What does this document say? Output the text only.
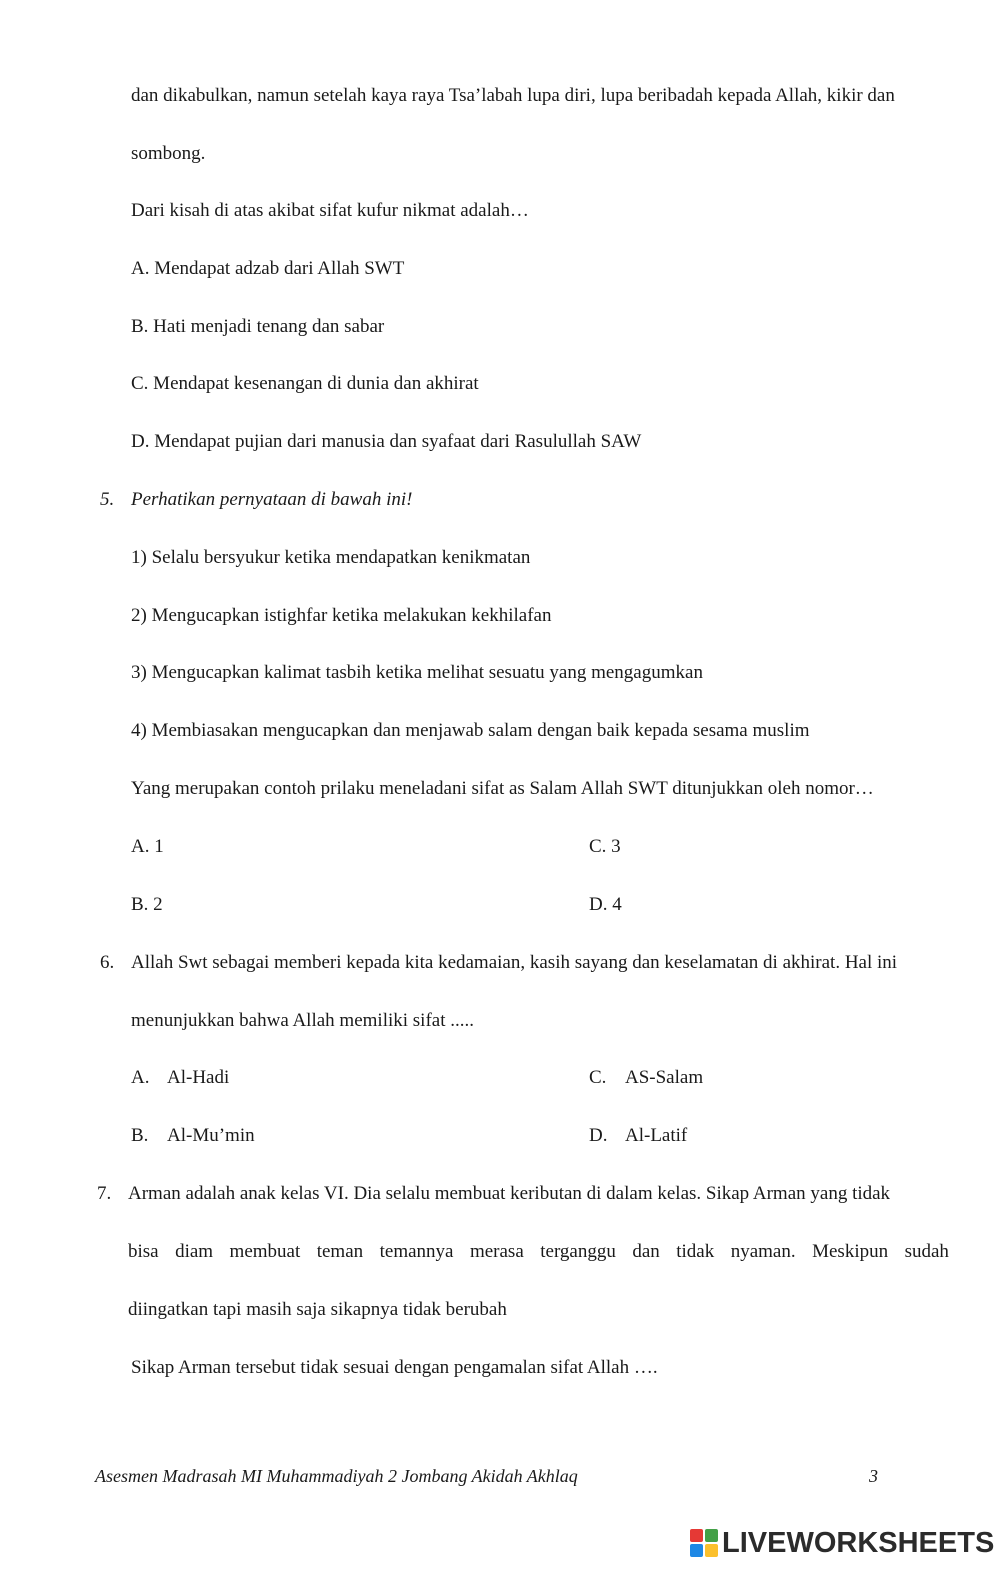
dan dikabulkan, namun setelah kaya raya Tsa’labah lupa diri, lupa beribadah kepada Allah, kikir dan
sombong.
Dari kisah di atas akibat sifat kufur nikmat adalah…
A. Mendapat adzab dari Allah SWT
B. Hati menjadi tenang dan sabar
C. Mendapat kesenangan di dunia dan akhirat
D. Mendapat pujian dari manusia dan syafaat dari Rasulullah SAW
5. Perhatikan pernyataan di bawah ini!
1) Selalu bersyukur ketika mendapatkan kenikmatan
2) Mengucapkan istighfar ketika melakukan kekhilafan
3) Mengucapkan kalimat tasbih ketika melihat sesuatu yang mengagumkan
4) Membiasakan mengucapkan dan menjawab salam dengan baik kepada sesama muslim
Yang merupakan contoh prilaku meneladani sifat as Salam Allah SWT ditunjukkan oleh nomor…
A. 1	C. 3
B. 2	D. 4
6. Allah Swt sebagai memberi kepada kita kedamaian, kasih sayang dan keselamatan di akhirat. Hal ini
menunjukkan bahwa Allah memiliki sifat .....
A. Al-Hadi	C. AS-Salam
B. Al-Mu’min	D. Al-Latif
7. Arman adalah anak kelas VI. Dia selalu membuat keributan di dalam kelas. Sikap Arman yang tidak
bisa diam membuat teman temannya merasa terganggu dan tidak nyaman. Meskipun sudah
diingatkan tapi masih saja sikapnya tidak berubah
Sikap Arman tersebut tidak sesuai dengan pengamalan sifat Allah ….
Asesmen Madrasah MI Muhammadiyah 2 Jombang Akidah Akhlaq	3
LIVEWORKSHEETS
